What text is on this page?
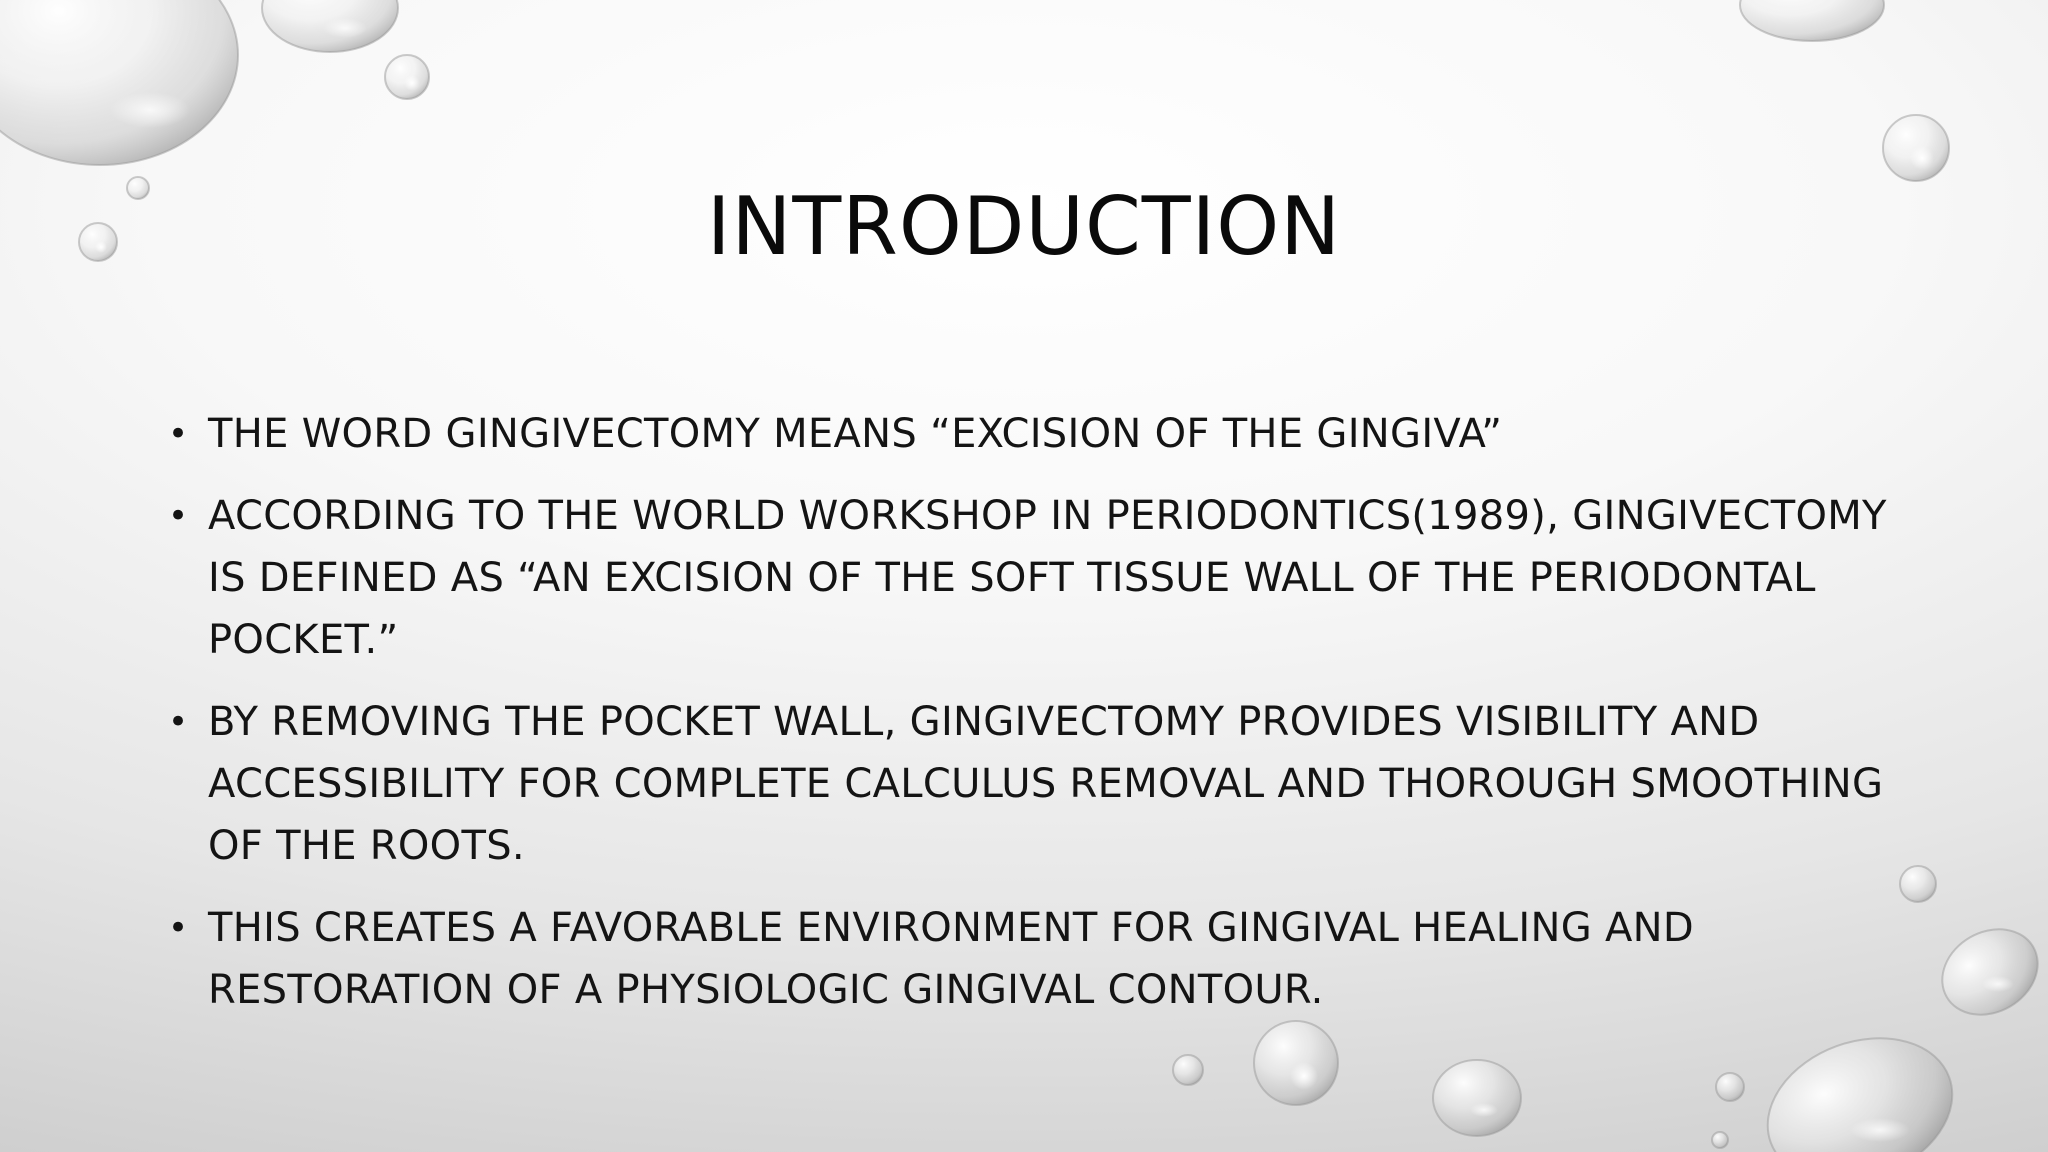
INTRODUCTION
• THE WORD GINGIVECTOMY MEANS “EXCISION OF THE GINGIVA”
• ACCORDING TO THE WORLD WORKSHOP IN PERIODONTICS(1989), GINGIVECTOMY IS DEFINED AS “AN EXCISION OF THE SOFT TISSUE WALL OF THE PERIODONTAL POCKET.”
• BY REMOVING THE POCKET WALL, GINGIVECTOMY PROVIDES VISIBILITY AND ACCESSIBILITY FOR COMPLETE CALCULUS REMOVAL AND THOROUGH SMOOTHING OF THE ROOTS.
• THIS CREATES A FAVORABLE ENVIRONMENT FOR GINGIVAL HEALING AND RESTORATION OF A PHYSIOLOGIC GINGIVAL CONTOUR.
